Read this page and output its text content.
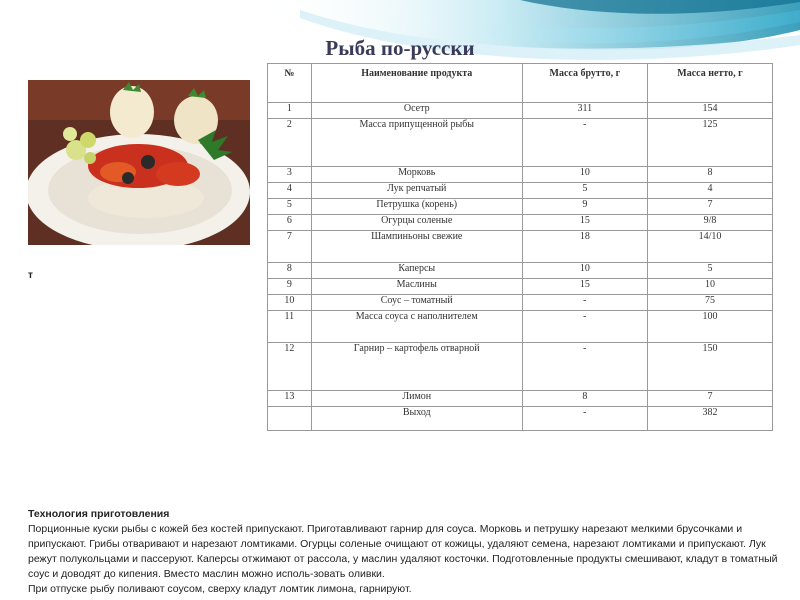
Рыба по-русски
т
№	Наименование продукта	Масса брутто, г	Масса нетто, г
1	Осетр	311	154
2	Масса припущенной рыбы	-	125
3	Морковь	10	8
4	Лук репчатый	5	4
5	Петрушка (корень)	9	7
6	Огурцы соленые	15	9/8
7	Шампиньоны свежие	18	14/10
8	Каперсы	10	5
9	Маслины	15	10
10	Соус – томатный	-	75
11	Масса соуса с наполнителем	-	100
12	Гарнир – картофель отварной	-	150
13	Лимон	8	7
	Выход	-	382

Технология приготовления

Порционные куски рыбы с кожей без костей припускают. Приготавливают гарнир для соуса. Морковь и петрушку нарезают мелкими брусочками и припускают. Грибы отваривают и нарезают ломтиками. Огурцы соленые очищают от кожицы, удаляют семена, нарезают ломтиками и припускают. Лук режут полукольцами и пассеруют. Каперсы отжимают от рассола, у маслин удаляют косточки. Подготовленные продукты смешивают, кладут в томатный соус и доводят до кипения. Вместо маслин можно исполь-зовать оливки.

При отпуске рыбу поливают соусом, сверху кладут ломтик лимона, гарнируют.
